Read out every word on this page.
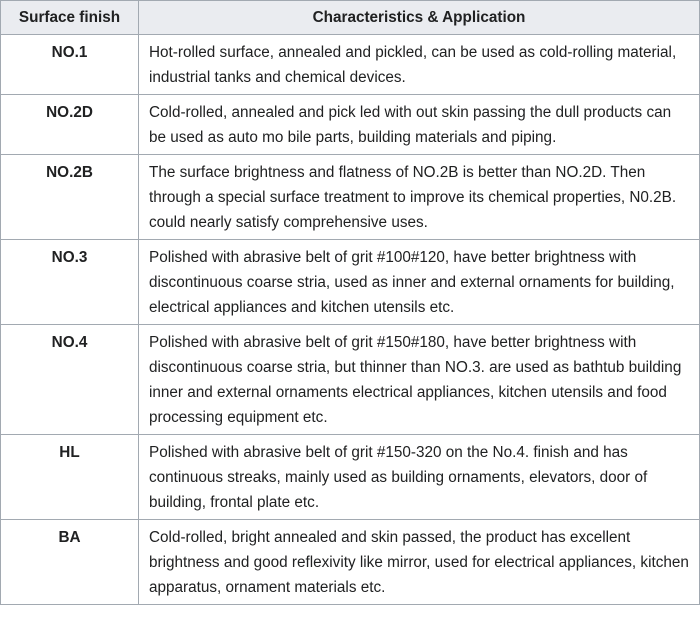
Surface finish	Characteristics & Application
NO.1	Hot-rolled surface, annealed and pickled, can be used as cold-rolling material, industrial tanks and chemical devices.
NO.2D	Cold-rolled, annealed and pick led with out skin passing the dull products can be used as auto mo bile parts, building materials and piping.
NO.2B	The surface brightness and flatness of NO.2B is better than NO.2D. Then through a special surface treatment to improve its chemical properties, N0.2B. could nearly satisfy comprehensive uses.
NO.3	Polished with abrasive belt of grit #100#120, have better brightness with discontinuous coarse stria, used as inner and external ornaments for building, electrical appliances and kitchen utensils etc.
NO.4	Polished with abrasive belt of grit #150#180, have better brightness with discontinuous coarse stria, but thinner than NO.3. are used as bathtub building inner and external ornaments electrical appliances, kitchen utensils and food processing equipment etc.
HL	Polished with abrasive belt of grit #150-320 on the No.4. finish and has continuous streaks, mainly used as building ornaments, elevators, door of building, frontal plate etc.
BA	Cold-rolled, bright annealed and skin passed, the product has excellent brightness and good reflexivity like mirror, used for electrical appliances, kitchen apparatus, ornament materials etc.
